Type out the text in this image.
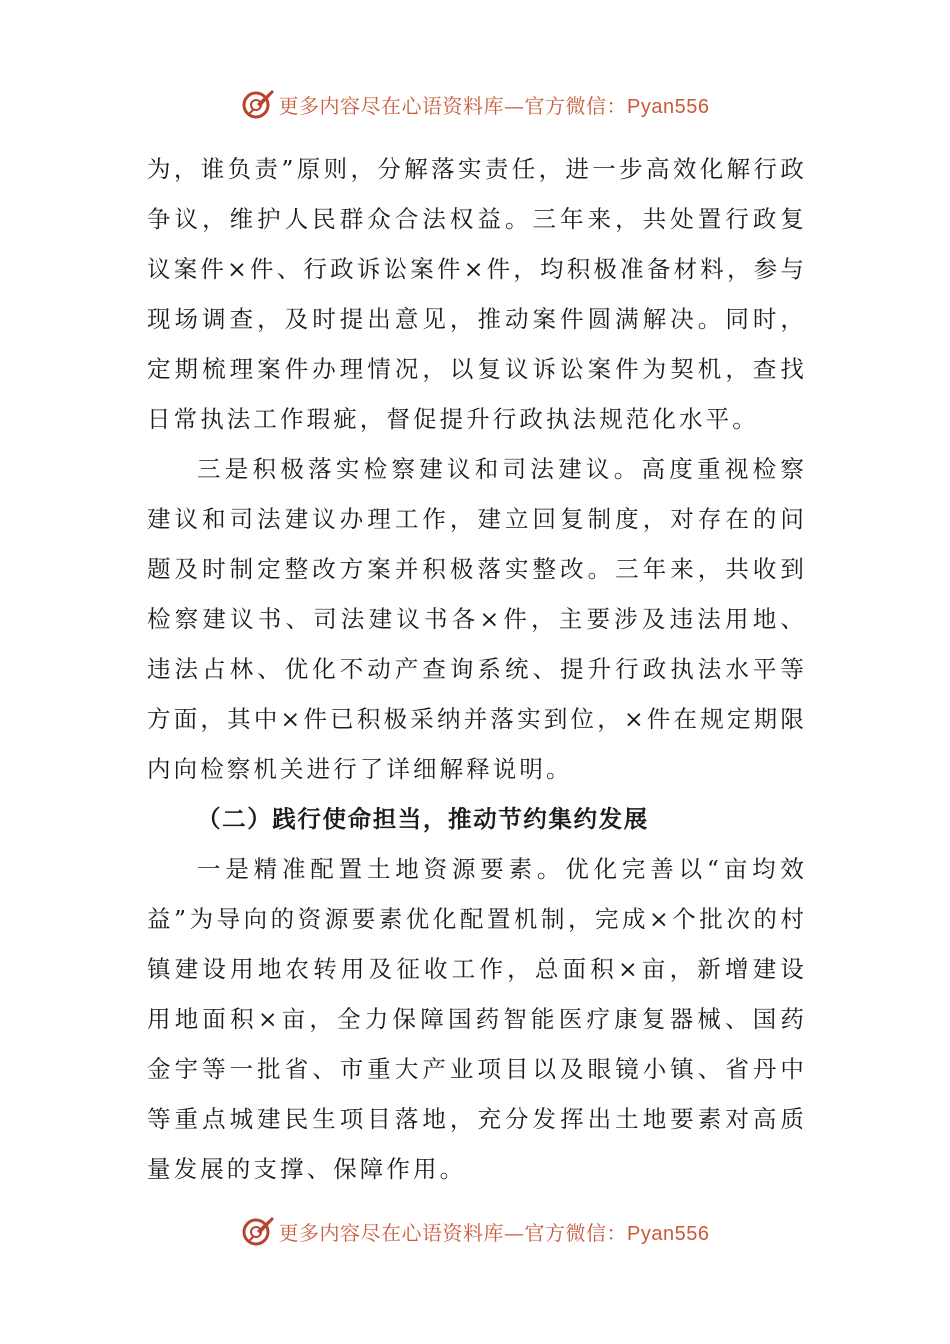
更多内容尽在心语资料库—官方微信：Pyan556

为，谁负责”原则，分解落实责任，进一步高效化解行政争议，维护人民群众合法权益。三年来，共处置行政复议案件×件、行政诉讼案件×件，均积极准备材料，参与现场调查，及时提出意见，推动案件圆满解决。同时，定期梳理案件办理情况，以复议诉讼案件为契机，查找日常执法工作瑕疵，督促提升行政执法规范化水平。

三是积极落实检察建议和司法建议。高度重视检察建议和司法建议办理工作，建立回复制度，对存在的问题及时制定整改方案并积极落实整改。三年来，共收到检察建议书、司法建议书各×件，主要涉及违法用地、违法占林、优化不动产查询系统、提升行政执法水平等方面，其中×件已积极采纳并落实到位，×件在规定期限内向检察机关进行了详细解释说明。

（二）践行使命担当，推动节约集约发展

一是精准配置土地资源要素。优化完善以“亩均效益”为导向的资源要素优化配置机制，完成×个批次的村镇建设用地农转用及征收工作，总面积×亩，新增建设用地面积×亩，全力保障国药智能医疗康复器械、国药金宇等一批省、市重大产业项目以及眼镜小镇、省丹中等重点城建民生项目落地，充分发挥出土地要素对高质量发展的支撑、保障作用。

更多内容尽在心语资料库—官方微信：Pyan556
